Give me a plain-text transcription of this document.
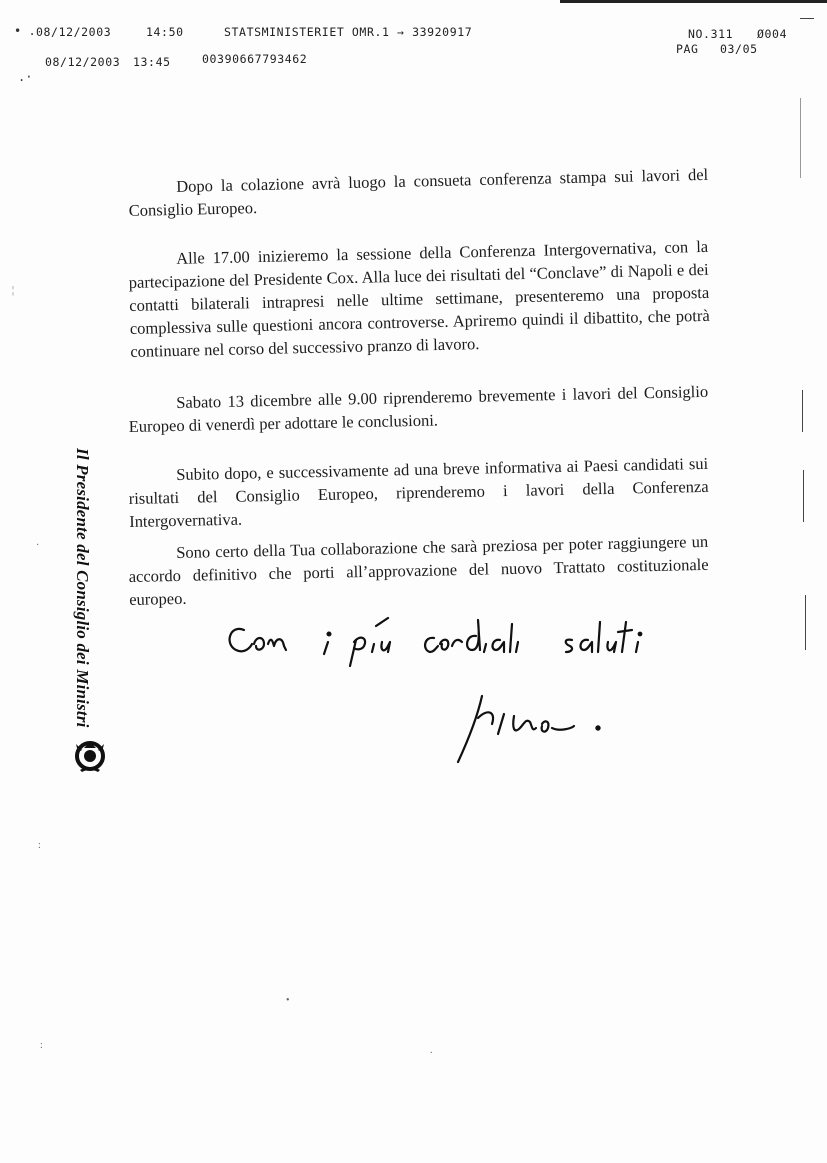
• . 08/12/2003	14:50	STATSMINISTERIET OMR.1 → 33920917	NO.311 Ø004
08/12/2003 13:45	00390667793462
PAG 03/05
.·
¦
·
:
:
•
.
Dopo la colazione avrà luogo la consueta conferenza stampa sui lavori del Consiglio Europeo.
Alle 17.00 inizieremo la sessione della Conferenza Intergovernativa, con la partecipazione del Presidente Cox. Alla luce dei risultati del “Conclave” di Napoli e dei contatti bilaterali intrapresi nelle ultime settimane, presenteremo una proposta complessiva sulle questioni ancora controverse. Apriremo quindi il dibattito, che potrà continuare nel corso del successivo pranzo di lavoro.
Sabato 13 dicembre alle 9.00 riprenderemo brevemente i lavori del Consiglio Europeo di venerdì per adottare le conclusioni.
Subito dopo, e successivamente ad una breve informativa ai Paesi candidati sui risultati del Consiglio Europeo, riprenderemo i lavori della Conferenza Intergovernativa.
Sono certo della Tua collaborazione che sarà preziosa per poter raggiungere un accordo definitivo che porti all’approvazione del nuovo Trattato costituzionale europeo.
Il Presidente del Consiglio dei Ministri
